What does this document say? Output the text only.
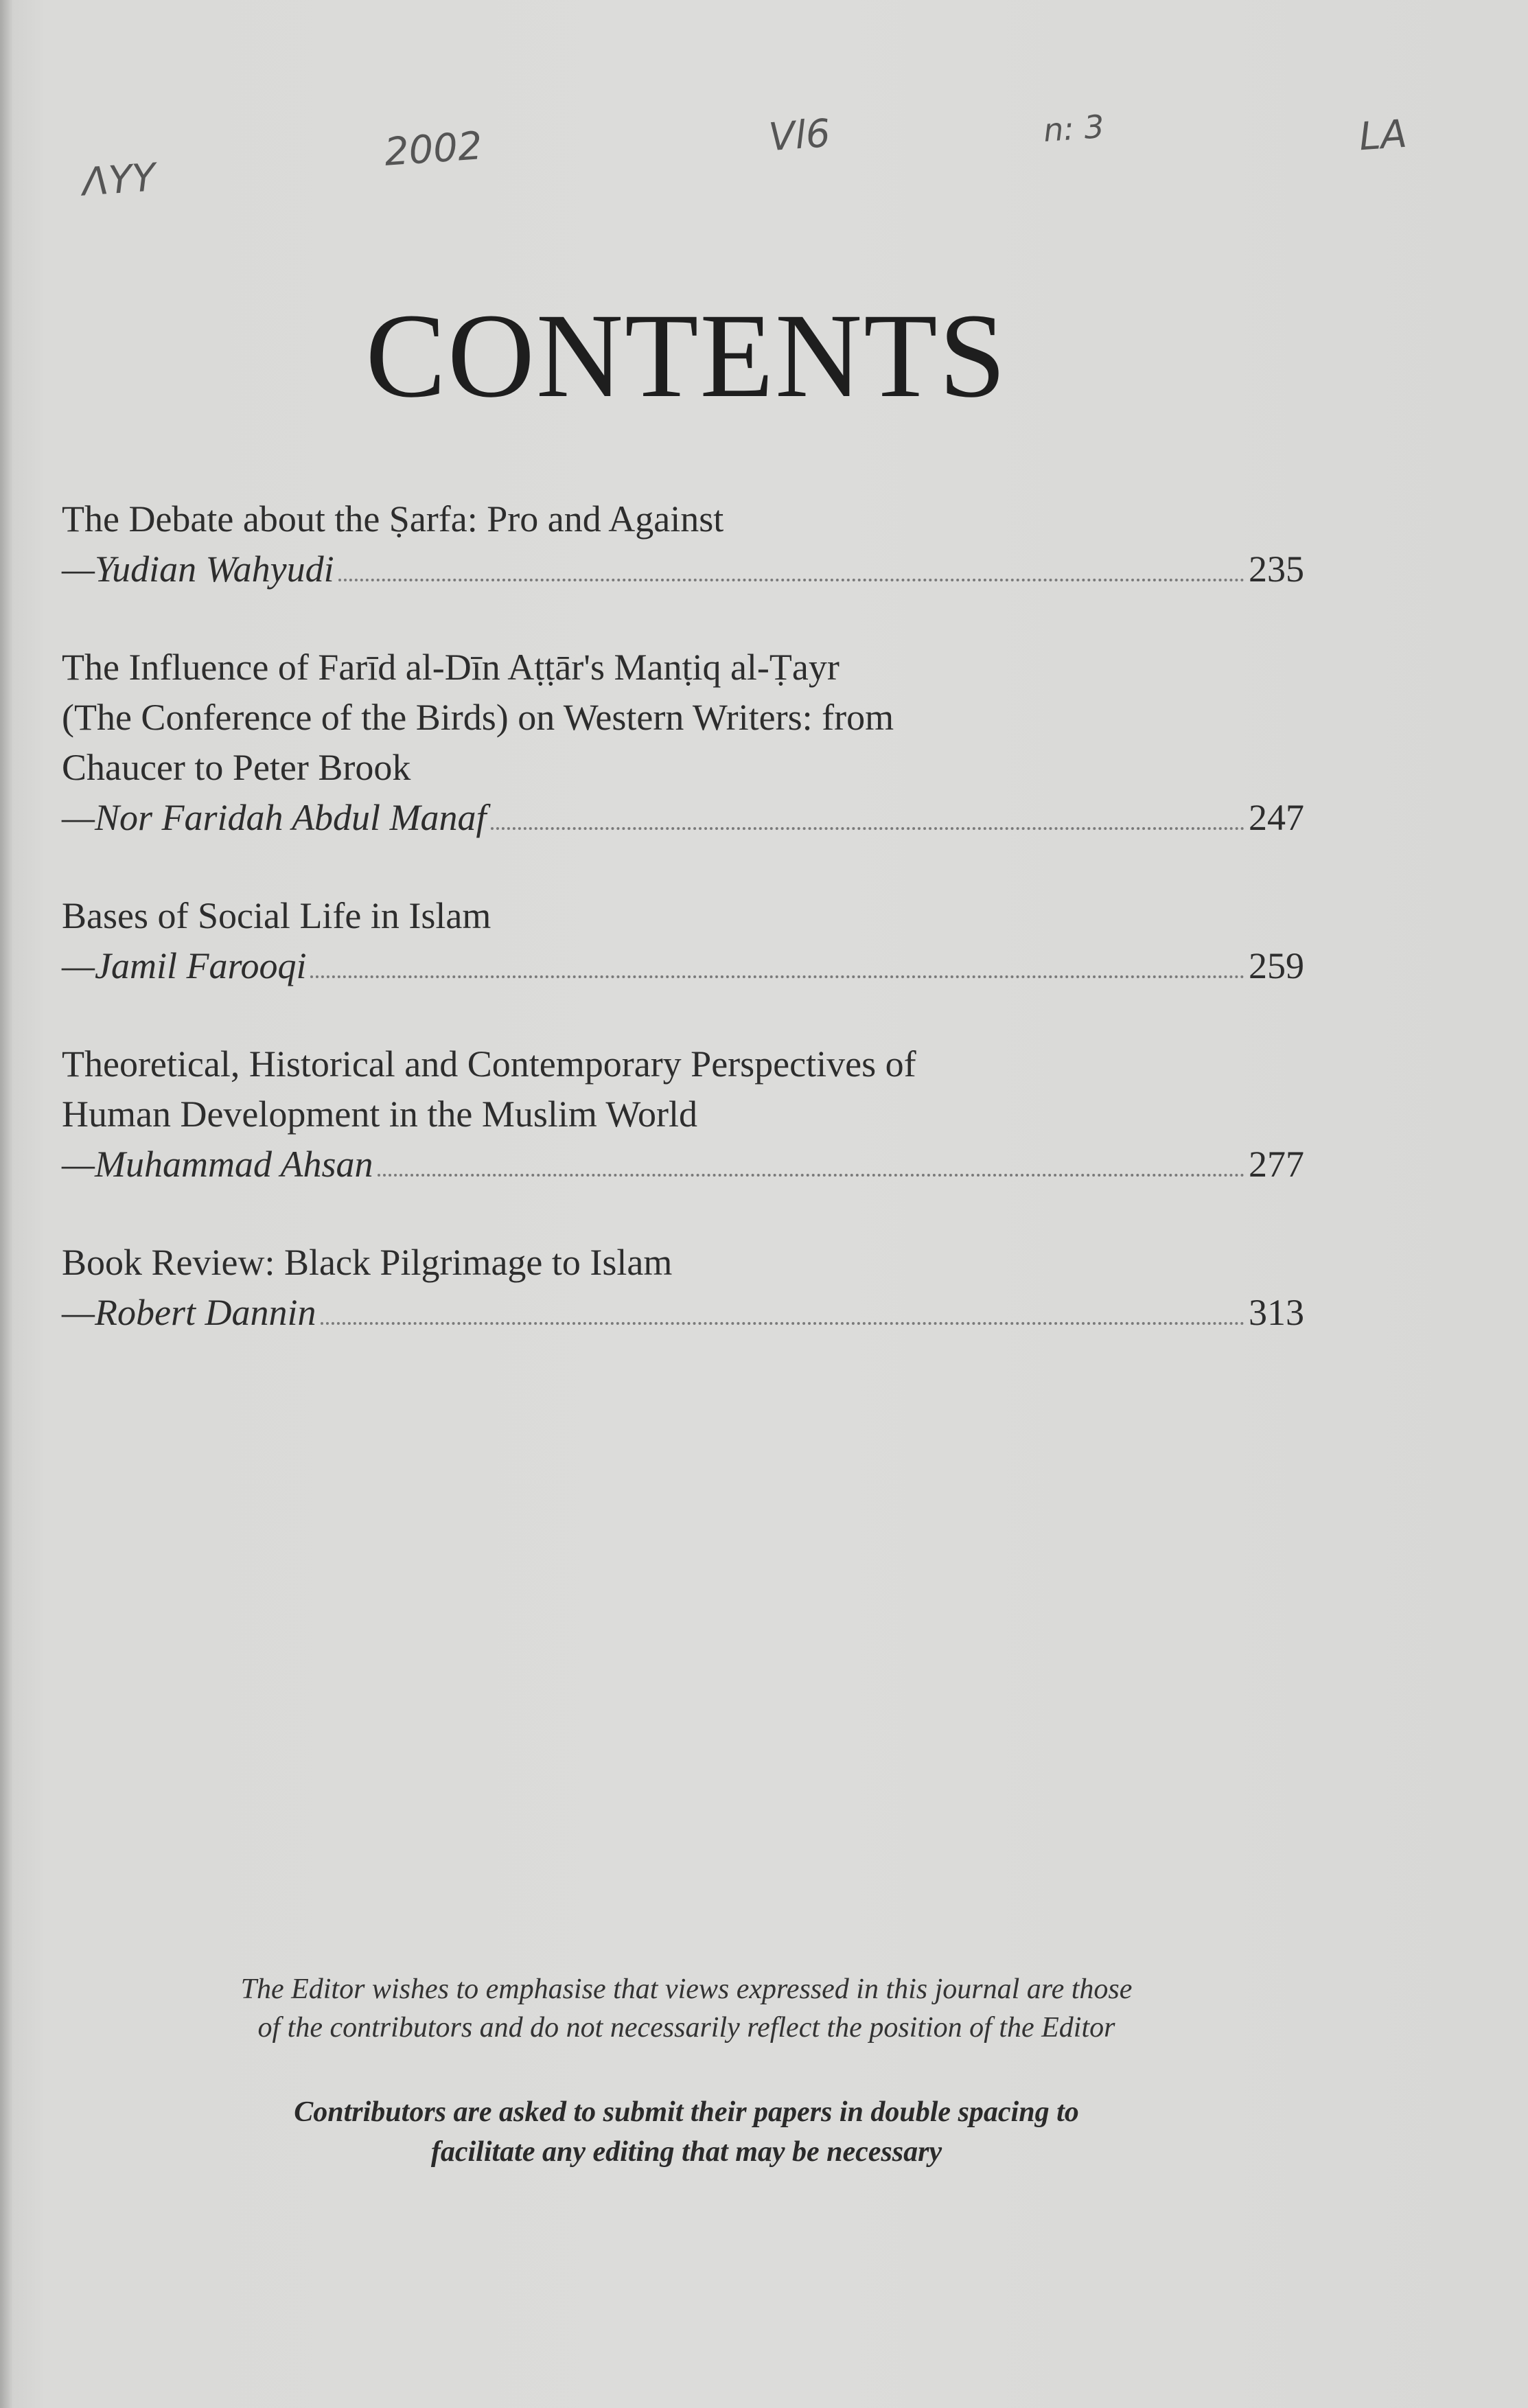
ΛΥΥ
2002	Vl6	n: 3	LA
CONTENTS
The Debate about the Ṣarfa: Pro and Against
—Yudian Wahyudi	235
The Influence of Farīd al-Dīn Aṭṭār's Manṭiq al-Ṭayr
(The Conference of the Birds) on Western Writers: from
Chaucer to Peter Brook
—Nor Faridah Abdul Manaf	247
Bases of Social Life in Islam
—Jamil Farooqi	259
Theoretical, Historical and Contemporary Perspectives of
Human Development in the Muslim World
—Muhammad Ahsan	277
Book Review: Black Pilgrimage to Islam
—Robert Dannin	313
The Editor wishes to emphasise that views expressed in this journal are those
of the contributors and do not necessarily reflect the position of the Editor
Contributors are asked to submit their papers in double spacing to
facilitate any editing that may be necessary
